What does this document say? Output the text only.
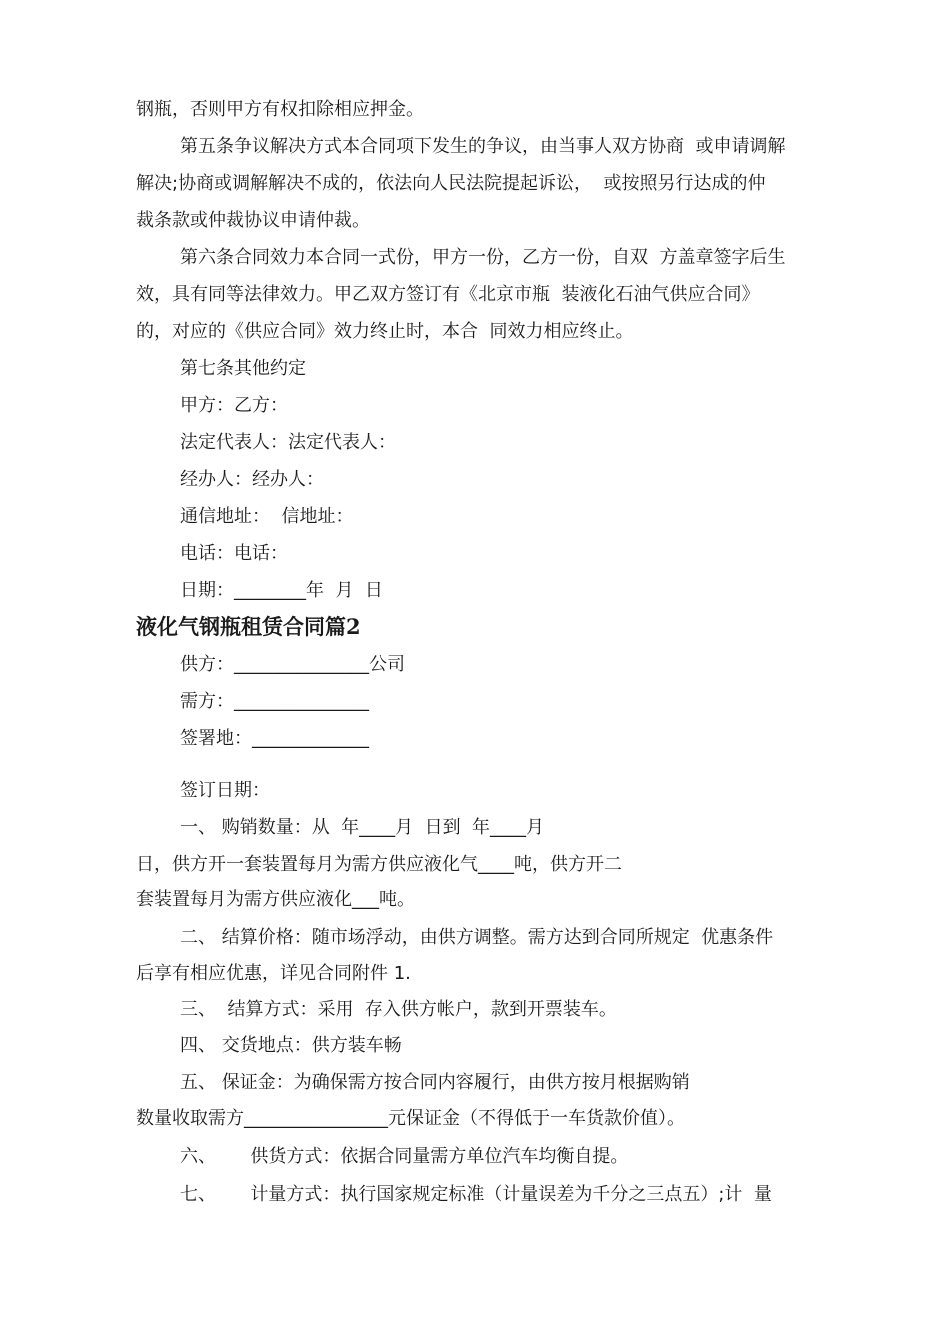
钢瓶，否则甲方有权扣除相应押金。
第五条争议解决方式本合同项下发生的争议，由当事人双方协商  或申请调解
解决;协商或调解解决不成的，依法向人民法院提起诉讼，  或按照另行达成的仲
裁条款或仲裁协议申请仲裁。
第六条合同效力本合同一式份，甲方一份，乙方一份，自双  方盖章签字后生
效，具有同等法律效力。甲乙双方签订有《北京市瓶  装液化石油气供应合同》
的，对应的《供应合同》效力终止时，本合  同效力相应终止。
第七条其他约定
甲方：乙方：
法定代表人：法定代表人：
经办人：经办人：
通信地址：  信地址：
电话：电话：
日期：________年  月  日
液化气钢瓶租赁合同篇2
供方：_______________公司
需方：_______________
签署地：_____________
签订日期：
一、 购销数量：从  年____月  日到  年____月
日，供方开一套装置每月为需方供应液化气____吨，供方开二
套装置每月为需方供应液化___吨。
二、 结算价格：随市场浮动，由供方调整。需方达到合同所规定  优惠条件
后享有相应优惠，详见合同附件 1.
三、  结算方式：采用  存入供方帐户，款到开票装车。
四、 交货地点：供方装车畅
五、 保证金：为确保需方按合同内容履行，由供方按月根据购销
数量收取需方________________元保证金（不得低于一车货款价值）。
六、      供货方式：依据合同量需方单位汽车均衡自提。
七、      计量方式：执行国家规定标准（计量误差为千分之三点五）;计  量
